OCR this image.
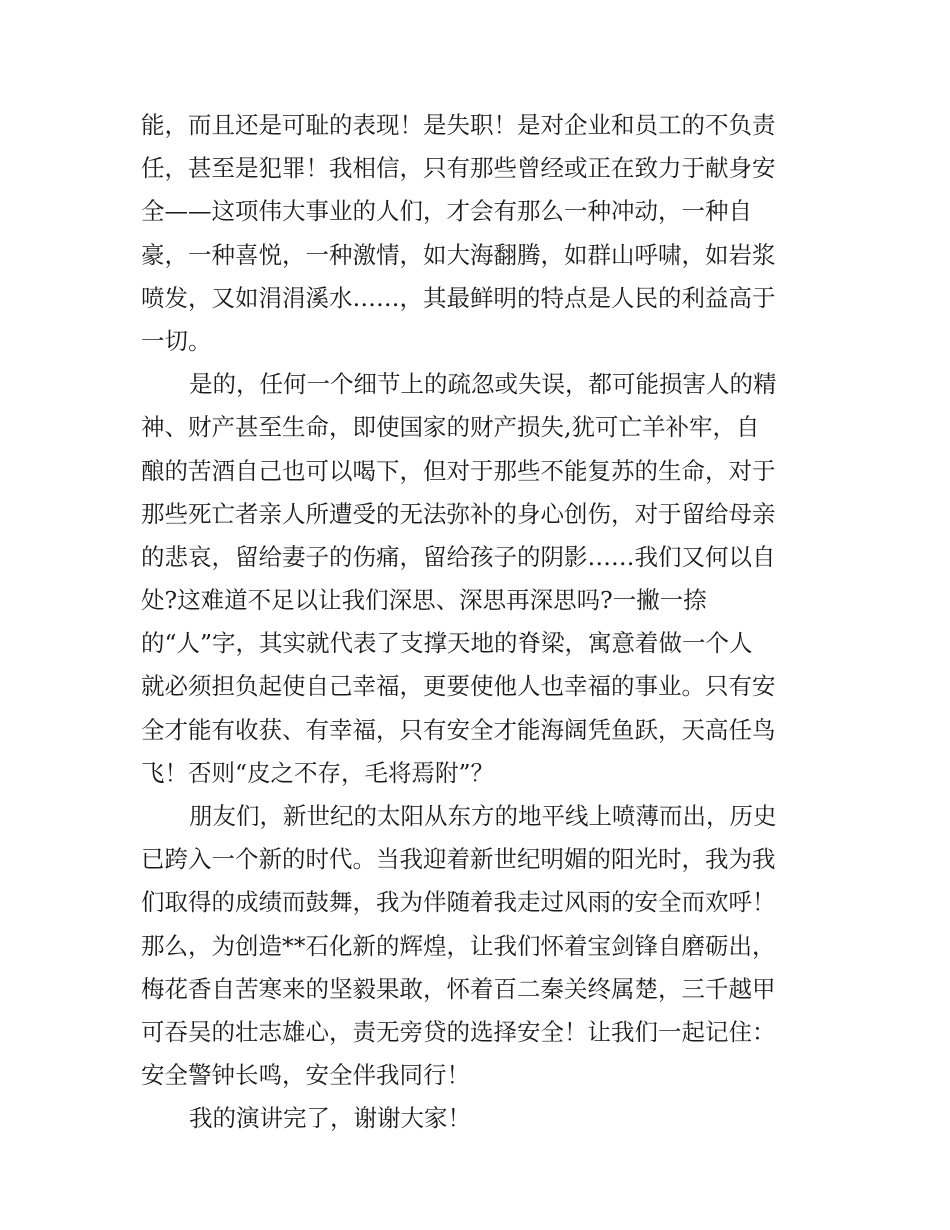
能，而且还是可耻的表现！是失职！是对企业和员工的不负责
任，甚至是犯罪！我相信，只有那些曾经或正在致力于献身安
全——这项伟大事业的人们，才会有那么一种冲动，一种自
豪，一种喜悦，一种激情，如大海翻腾，如群山呼啸，如岩浆
喷发，又如涓涓溪水……，其最鲜明的特点是人民的利益高于
一切。
是的，任何一个细节上的疏忽或失误，都可能损害人的精
神、财产甚至生命，即使国家的财产损失,犹可亡羊补牢，自
酿的苦酒自己也可以喝下，但对于那些不能复苏的生命，对于
那些死亡者亲人所遭受的无法弥补的身心创伤，对于留给母亲
的悲哀，留给妻子的伤痛，留给孩子的阴影……我们又何以自
处?这难道不足以让我们深思、深思再深思吗?一撇一捺
的“人”字，其实就代表了支撑天地的脊梁，寓意着做一个人
就必须担负起使自己幸福，更要使他人也幸福的事业。只有安
全才能有收获、有幸福，只有安全才能海阔凭鱼跃，天高任鸟
飞！否则“皮之不存，毛将焉附”？
朋友们，新世纪的太阳从东方的地平线上喷薄而出，历史
已跨入一个新的时代。当我迎着新世纪明媚的阳光时，我为我
们取得的成绩而鼓舞，我为伴随着我走过风雨的安全而欢呼！
那么，为创造**石化新的辉煌，让我们怀着宝剑锋自磨砺出，
梅花香自苦寒来的坚毅果敢，怀着百二秦关终属楚，三千越甲
可吞吴的壮志雄心，责无旁贷的选择安全！让我们一起记住：
安全警钟长鸣，安全伴我同行！
我的演讲完了，谢谢大家！
